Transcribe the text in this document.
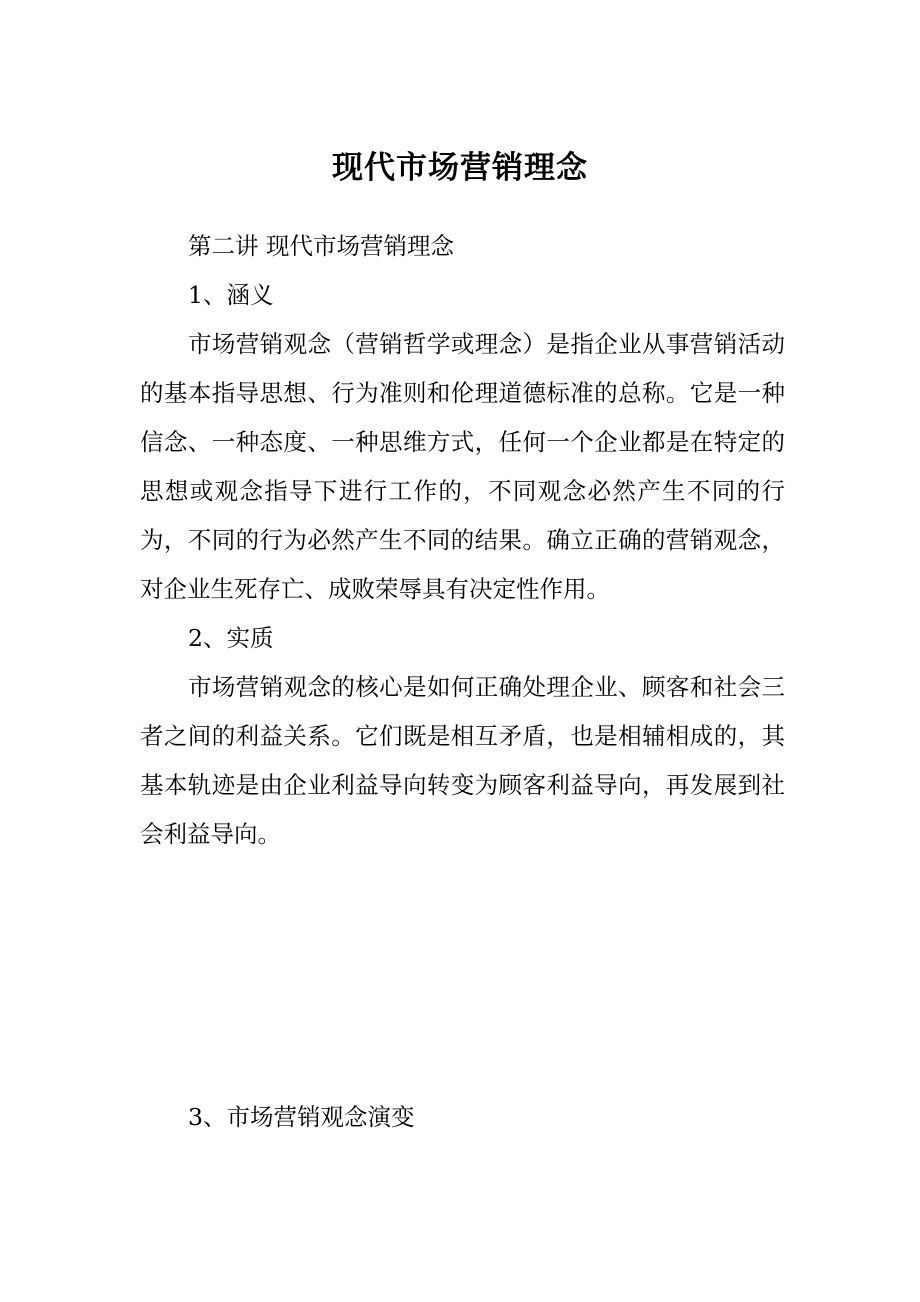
现代市场营销理念
第二讲 现代市场营销理念
1、涵义
市场营销观念（营销哲学或理念）是指企业从事营销活动的基本指导思想、行为准则和伦理道德标准的总称。它是一种信念、一种态度、一种思维方式，任何一个企业都是在特定的思想或观念指导下进行工作的，不同观念必然产生不同的行为，不同的行为必然产生不同的结果。确立正确的营销观念，对企业生死存亡、成败荣辱具有决定性作用。
2、实质
市场营销观念的核心是如何正确处理企业、顾客和社会三者之间的利益关系。它们既是相互矛盾，也是相辅相成的，其基本轨迹是由企业利益导向转变为顾客利益导向，再发展到社会利益导向。
3、市场营销观念演变
